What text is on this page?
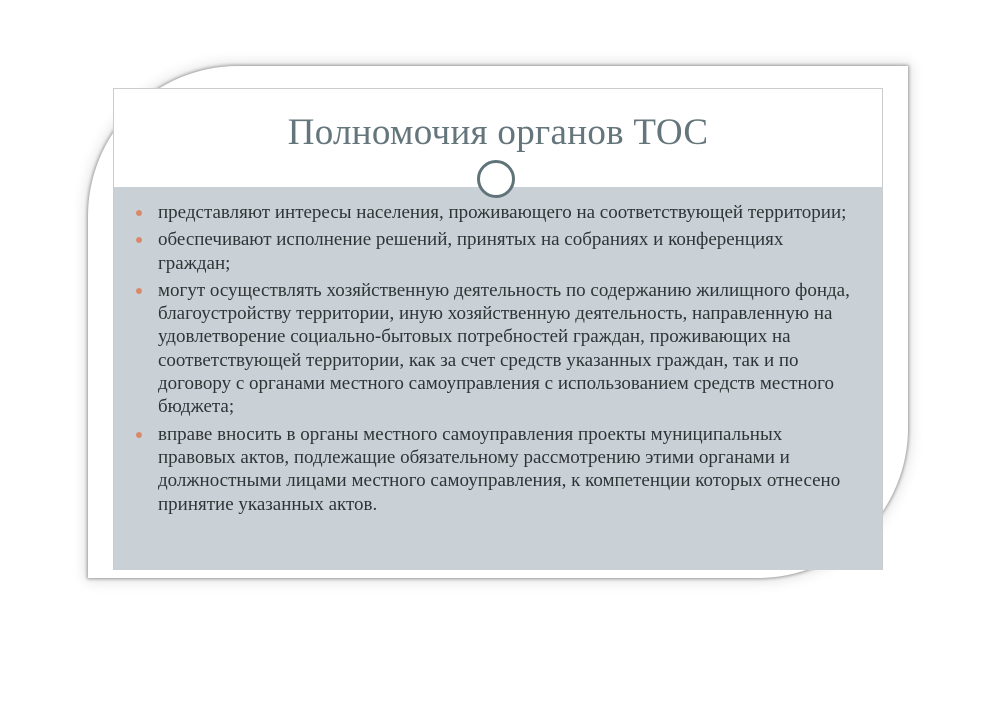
Полномочия органов ТОС
представляют интересы населения, проживающего на соответствующей территории;
обеспечивают исполнение решений, принятых на собраниях и конференциях граждан;
могут осуществлять хозяйственную деятельность по содержанию жилищного фонда, благоустройству территории, иную хозяйственную деятельность, направленную на удовлетворение социально-бытовых потребностей граждан, проживающих на соответствующей территории, как за счет средств указанных граждан, так и по договору с органами местного самоуправления с использованием средств местного бюджета;
вправе вносить в органы местного самоуправления проекты муниципальных правовых актов, подлежащие обязательному рассмотрению этими органами и должностными лицами местного самоуправления, к компетенции которых отнесено принятие указанных актов.
